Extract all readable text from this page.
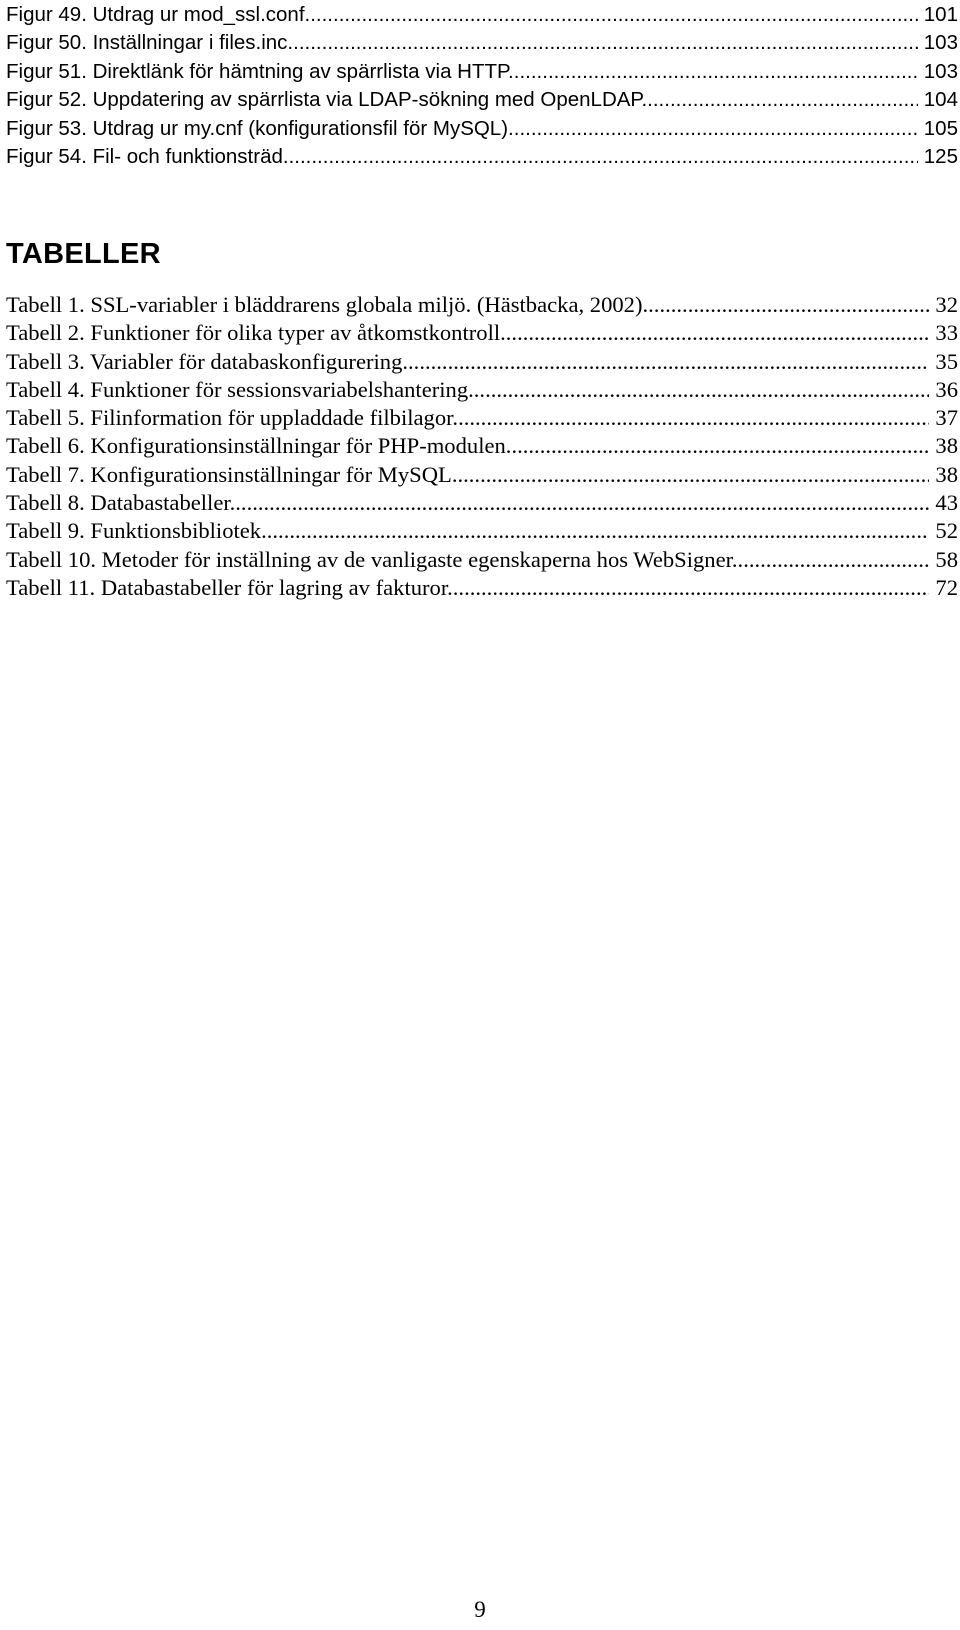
Figur 49. Utdrag ur mod_ssl.conf. .....	101
Figur 50. Inställningar i files.inc. .....	103
Figur 51. Direktlänk för hämtning av spärrlista via HTTP. .....	103
Figur 52. Uppdatering av spärrlista via LDAP-sökning med OpenLDAP. .....	104
Figur 53. Utdrag ur my.cnf (konfigurationsfil för MySQL). .....	105
Figur 54. Fil- och funktionsträd. .....	125
TABELLER
Tabell 1. SSL-variabler i bläddrarens globala miljö. (Hästbacka, 2002). .....	32
Tabell 2. Funktioner för olika typer av åtkomstkontroll. .....	33
Tabell 3. Variabler för databaskonfigurering. .....	35
Tabell 4. Funktioner för sessionsvariabelshantering. .....	36
Tabell 5. Filinformation för uppladdade filbilagor. .....	37
Tabell 6. Konfigurationsinställningar för PHP-modulen. .....	38
Tabell 7. Konfigurationsinställningar för MySQL. .....	38
Tabell 8. Databastabeller. .....	43
Tabell 9. Funktionsbibliotek. .....	52
Tabell 10. Metoder för inställning av de vanligaste egenskaperna hos WebSigner. .....	58
Tabell 11. Databastabeller för lagring av fakturor. .....	72
9
